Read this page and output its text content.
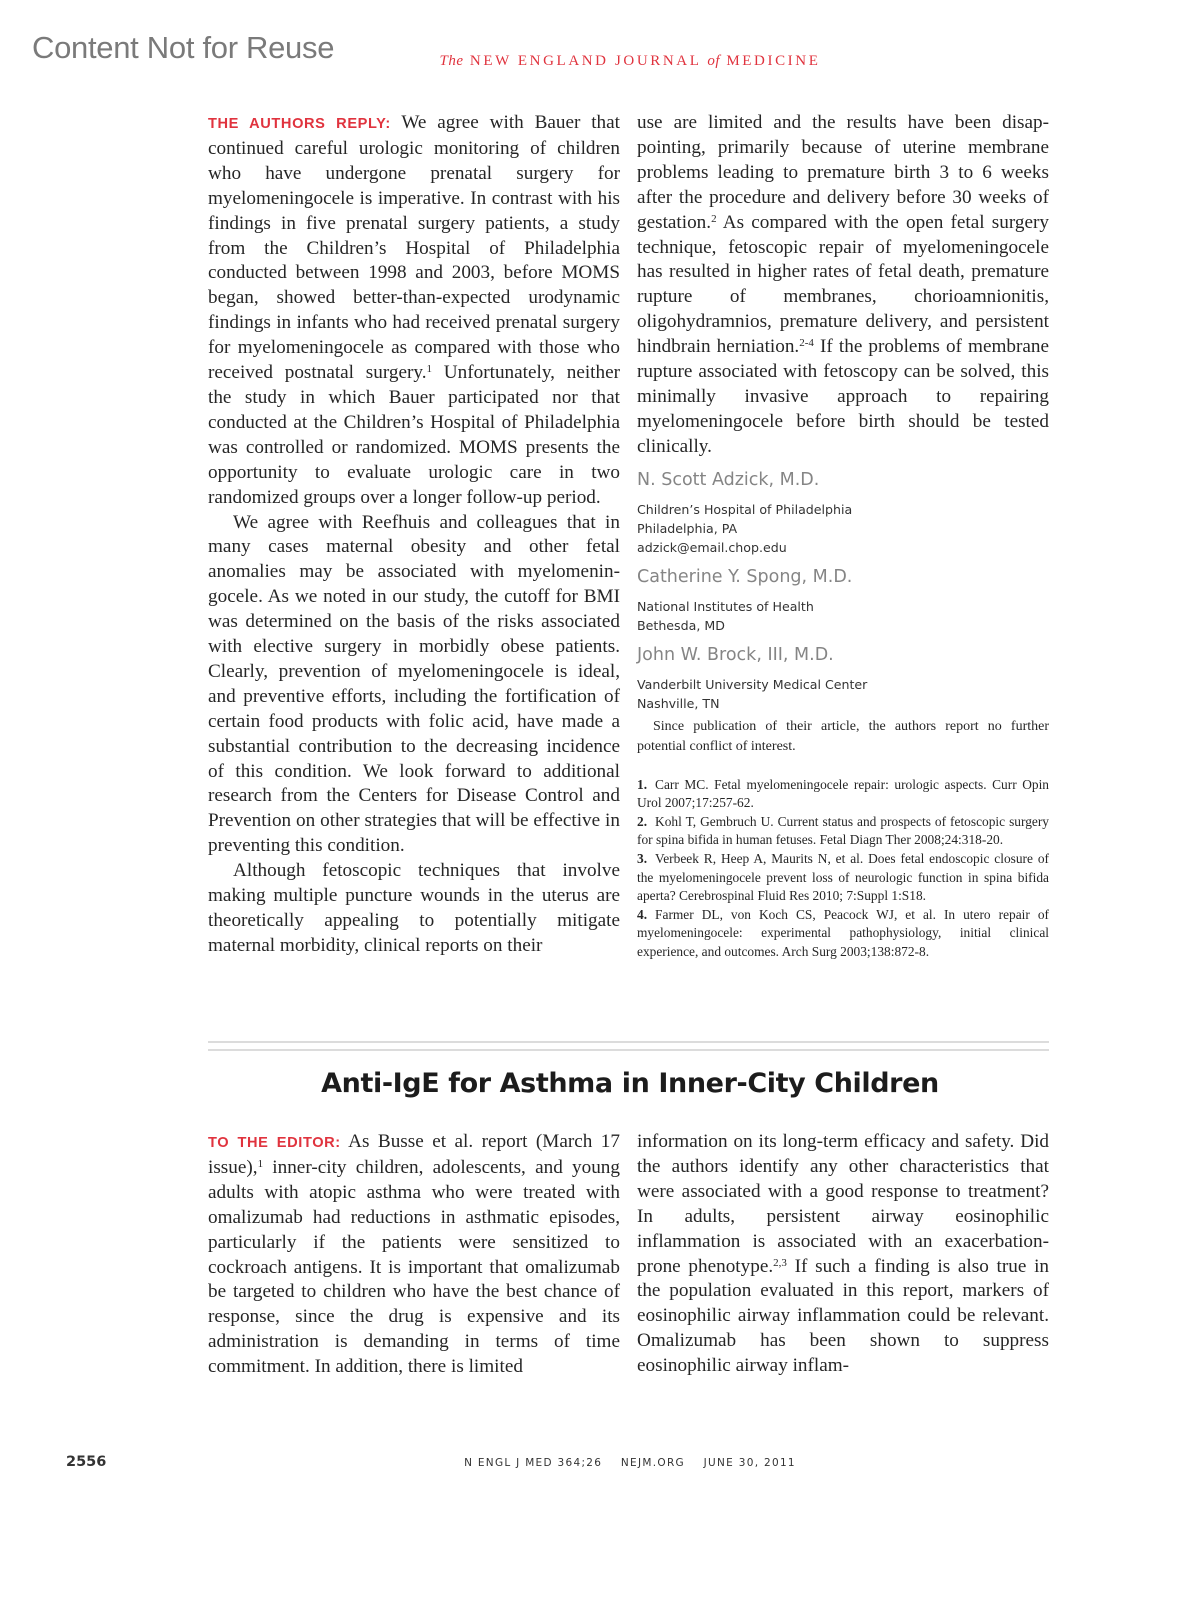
Content Not for Reuse	The NEW ENGLAND JOURNAL of MEDICINE

THE AUTHORS REPLY: We agree with Bauer that continued careful urologic monitoring of children who have undergone prenatal surgery for myelomeningocele is imperative. In contrast with his findings in five prenatal surgery patients, a study from the Children’s Hospital of Philadelphia conducted between 1998 and 2003, before MOMS began, showed better-than-expected urodynamic findings in infants who had received prenatal surgery for myelomeningocele as compared with those who received postnatal surgery.$^1$ Unfortunately, neither the study in which Bauer participated nor that conducted at the Children’s Hospital of Philadelphia was controlled or randomized. MOMS presents the opportunity to evaluate urologic care in two randomized groups over a longer follow-up period.

We agree with Reefhuis and colleagues that in many cases maternal obesity and other fetal anomalies may be associated with myelomeningocele. As we noted in our study, the cutoff for BMI was determined on the basis of the risks associated with elective surgery in morbidly obese patients. Clearly, prevention of myelomeningocele is ideal, and preventive efforts, including the fortification of certain food products with folic acid, have made a substantial contribution to the decreasing incidence of this condition. We look forward to additional research from the Centers for Disease Control and Prevention on other strategies that will be effective in preventing this condition.

Although fetoscopic techniques that involve making multiple puncture wounds in the uterus are theoretically appealing to potentially mitigate maternal morbidity, clinical reports on their

use are limited and the results have been disappointing, primarily because of uterine membrane problems leading to premature birth 3 to 6 weeks after the procedure and delivery before 30 weeks of gestation.$^2$ As compared with the open fetal surgery technique, fetoscopic repair of myelomeningocele has resulted in higher rates of fetal death, premature rupture of membranes, chorioamnionitis, oligohydramnios, premature delivery, and persistent hindbrain herniation.$^{2-4}$ If the problems of membrane rupture associated with fetoscopy can be solved, this minimally invasive approach to repairing myelomeningocele before birth should be tested clinically.

N. Scott Adzick, M.D.
Children’s Hospital of Philadelphia
Philadelphia, PA
adzick@email.chop.edu
Catherine Y. Spong, M.D.
National Institutes of Health
Bethesda, MD
John W. Brock, III, M.D.
Vanderbilt University Medical Center
Nashville, TN

Since publication of their article, the authors report no further potential conflict of interest.

1. Carr MC. Fetal myelomeningocele repair: urologic aspects. Curr Opin Urol 2007;17:257-62.

2. Kohl T, Gembruch U. Current status and prospects of fetoscopic surgery for spina bifida in human fetuses. Fetal Diagn Ther 2008;24:318-20.

3. Verbeek R, Heep A, Maurits N, et al. Does fetal endoscopic closure of the myelomeningocele prevent loss of neurologic function in spina bifida aperta? Cerebrospinal Fluid Res 2010; 7:Suppl 1:S18.

4. Farmer DL, von Koch CS, Peacock WJ, et al. In utero repair of myelomeningocele: experimental pathophysiology, initial clinical experience, and outcomes. Arch Surg 2003;138:872-8.

Anti-IgE for Asthma in Inner-City Children

TO THE EDITOR: As Busse et al. report (March 17 issue),$^1$ inner-city children, adolescents, and young adults with atopic asthma who were treated with omalizumab had reductions in asthmatic episodes, particularly if the patients were sensitized to cockroach antigens. It is important that omalizumab be targeted to children who have the best chance of response, since the drug is expensive and its administration is demanding in terms of time commitment. In addition, there is limited

information on its long-term efficacy and safety. Did the authors identify any other characteristics that were associated with a good response to treatment? In adults, persistent airway eosinophilic inflammation is associated with an exacerbation-prone phenotype.$^{2,3}$ If such a finding is also true in the population evaluated in this report, markers of eosinophilic airway inflammation could be relevant. Omalizumab has been shown to suppress eosinophilic airway inflam-

2556	N ENGL J MED 364;26 NEJM.ORG JUNE 30, 2011
